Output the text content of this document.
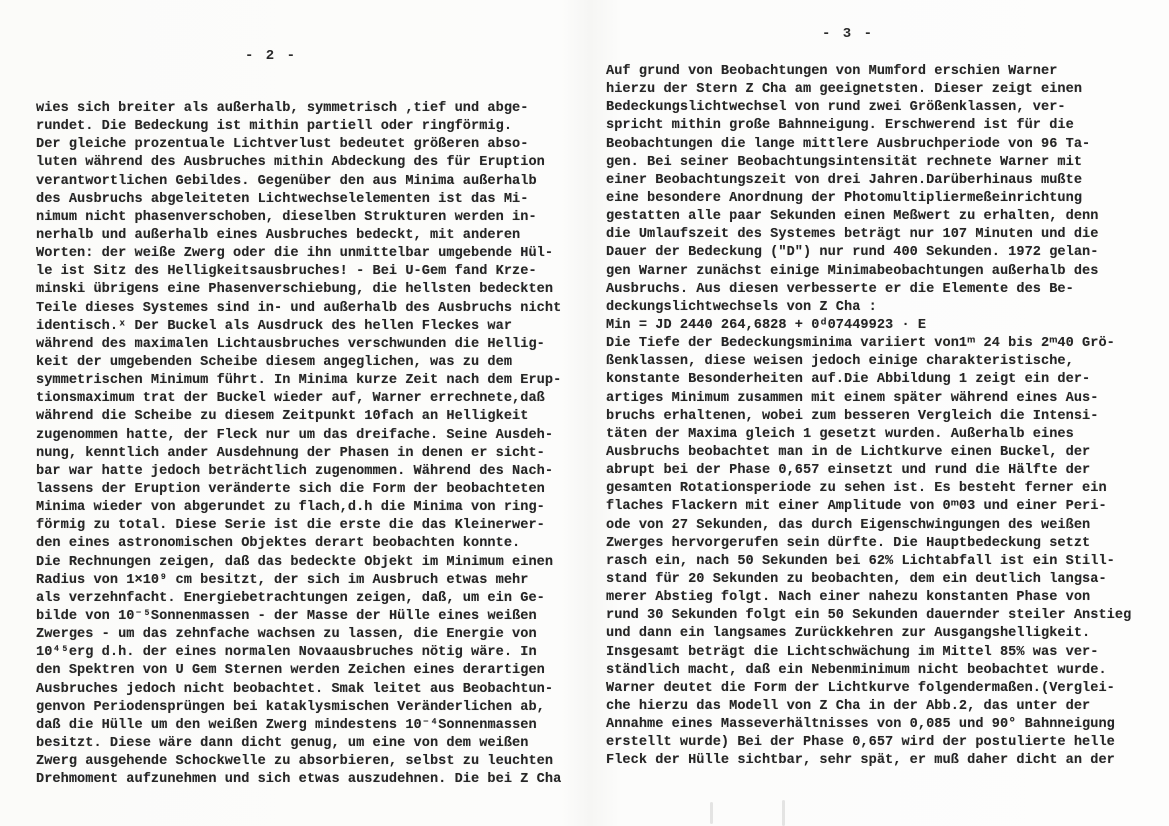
- 2 -
wies sich breiter als außerhalb, symmetrisch ,tief und abge-
rundet. Die Bedeckung ist mithin partiell oder ringförmig.
Der gleiche prozentuale Lichtverlust bedeutet größeren abso-
luten während des Ausbruches mithin Abdeckung des für Eruption
verantwortlichen Gebildes. Gegenüber den aus Minima außerhalb
des Ausbruchs abgeleiteten Lichtwechselelementen ist das Mi-
nimum nicht phasenverschoben, dieselben Strukturen werden in-
nerhalb und außerhalb eines Ausbruches bedeckt, mit anderen
Worten: der weiße Zwerg oder die ihn unmittelbar umgebende Hül-
le ist Sitz des Helligkeitsausbruches! - Bei U-Gem fand Krze-
minski übrigens eine Phasenverschiebung, die hellsten bedeckten
Teile dieses Systemes sind in- und außerhalb des Ausbruchs nicht
identisch.ˣ Der Buckel als Ausdruck des hellen Fleckes war
während des maximalen Lichtausbruches verschwunden die Hellig-
keit der umgebenden Scheibe diesem angeglichen, was zu dem
symmetrischen Minimum führt. In Minima kurze Zeit nach dem Erup-
tionsmaximum trat der Buckel wieder auf, Warner errechnete,daß
während die Scheibe zu diesem Zeitpunkt 10fach an Helligkeit
zugenommen hatte, der Fleck nur um das dreifache. Seine Ausdeh-
nung, kenntlich ander Ausdehnung der Phasen in denen er sicht-
bar war hatte jedoch beträchtlich zugenommen. Während des Nach-
lassens der Eruption veränderte sich die Form der beobachteten
Minima wieder von abgerundet zu flach,d.h die Minima von ring-
förmig zu total. Diese Serie ist die erste die das Kleinerwer-
den eines astronomischen Objektes derart beobachten konnte.
Die Rechnungen zeigen, daß das bedeckte Objekt im Minimum einen
Radius von 1×10⁹ cm besitzt, der sich im Ausbruch etwas mehr
als verzehnfacht. Energiebetrachtungen zeigen, daß, um ein Ge-
bilde von 10⁻⁵Sonnenmassen - der Masse der Hülle eines weißen
Zwerges - um das zehnfache wachsen zu lassen, die Energie von
10⁴⁵erg d.h. der eines normalen Novaausbruches nötig wäre. In
den Spektren von U Gem Sternen werden Zeichen eines derartigen
Ausbruches jedoch nicht beobachtet. Smak leitet aus Beobachtun-
genvon Periodensprüngen bei kataklysmischen Veränderlichen ab,
daß die Hülle um den weißen Zwerg mindestens 10⁻⁴Sonnenmassen
besitzt. Diese wäre dann dicht genug, um eine von dem weißen
Zwerg ausgehende Schockwelle zu absorbieren, selbst zu leuchten
Drehmoment aufzunehmen und sich etwas auszudehnen. Die bei Z Cha
- 3 -
Auf grund von Beobachtungen von Mumford erschien Warner
hierzu der Stern Z Cha am geeignetsten. Dieser zeigt einen
Bedeckungslichtwechsel von rund zwei Größenklassen, ver-
spricht mithin große Bahnneigung. Erschwerend ist für die
Beobachtungen die lange mittlere Ausbruchperiode von 96 Ta-
gen. Bei seiner Beobachtungsintensität rechnete Warner mit
einer Beobachtungszeit von drei Jahren.Darüberhinaus mußte
eine besondere Anordnung der Photomultipliermeßeinrichtung
gestatten alle paar Sekunden einen Meßwert zu erhalten, denn
die Umlaufszeit des Systemes beträgt nur 107 Minuten und die
Dauer der Bedeckung ("D") nur rund 400 Sekunden. 1972 gelan-
gen Warner zunächst einige Minimabeobachtungen außerhalb des
Ausbruchs. Aus diesen verbesserte er die Elemente des Be-
deckungslichtwechsels von Z Cha :
Min = JD 2440 264,6828 + 0ᵈ07449923 · E
Die Tiefe der Bedeckungsminima variiert von1ᵐ 24 bis 2ᵐ40 Grö-
ßenklassen, diese weisen jedoch einige charakteristische,
konstante Besonderheiten auf.Die Abbildung 1 zeigt ein der-
artiges Minimum zusammen mit einem später während eines Aus-
bruchs erhaltenen, wobei zum besseren Vergleich die Intensi-
täten der Maxima gleich 1 gesetzt wurden. Außerhalb eines
Ausbruchs beobachtet man in de Lichtkurve einen Buckel, der
abrupt bei der Phase 0,657 einsetzt und rund die Hälfte der
gesamten Rotationsperiode zu sehen ist. Es besteht ferner ein
flaches Flackern mit einer Amplitude von 0ᵐ03 und einer Peri-
ode von 27 Sekunden, das durch Eigenschwingungen des weißen
Zwerges hervorgerufen sein dürfte. Die Hauptbedeckung setzt
rasch ein, nach 50 Sekunden bei 62% Lichtabfall ist ein Still-
stand für 20 Sekunden zu beobachten, dem ein deutlich langsa-
merer Abstieg folgt. Nach einer nahezu konstanten Phase von
rund 30 Sekunden folgt ein 50 Sekunden dauernder steiler Anstieg
und dann ein langsames Zurückkehren zur Ausgangshelligkeit.
Insgesamt beträgt die Lichtschwächung im Mittel 85% was ver-
ständlich macht, daß ein Nebenminimum nicht beobachtet wurde.
Warner deutet die Form der Lichtkurve folgendermaßen.(Verglei-
che hierzu das Modell von Z Cha in der Abb.2, das unter der
Annahme eines Masseverhältnisses von 0,085 und 90° Bahnneigung
erstellt wurde) Bei der Phase 0,657 wird der postulierte helle
Fleck der Hülle sichtbar, sehr spät, er muß daher dicht an der
